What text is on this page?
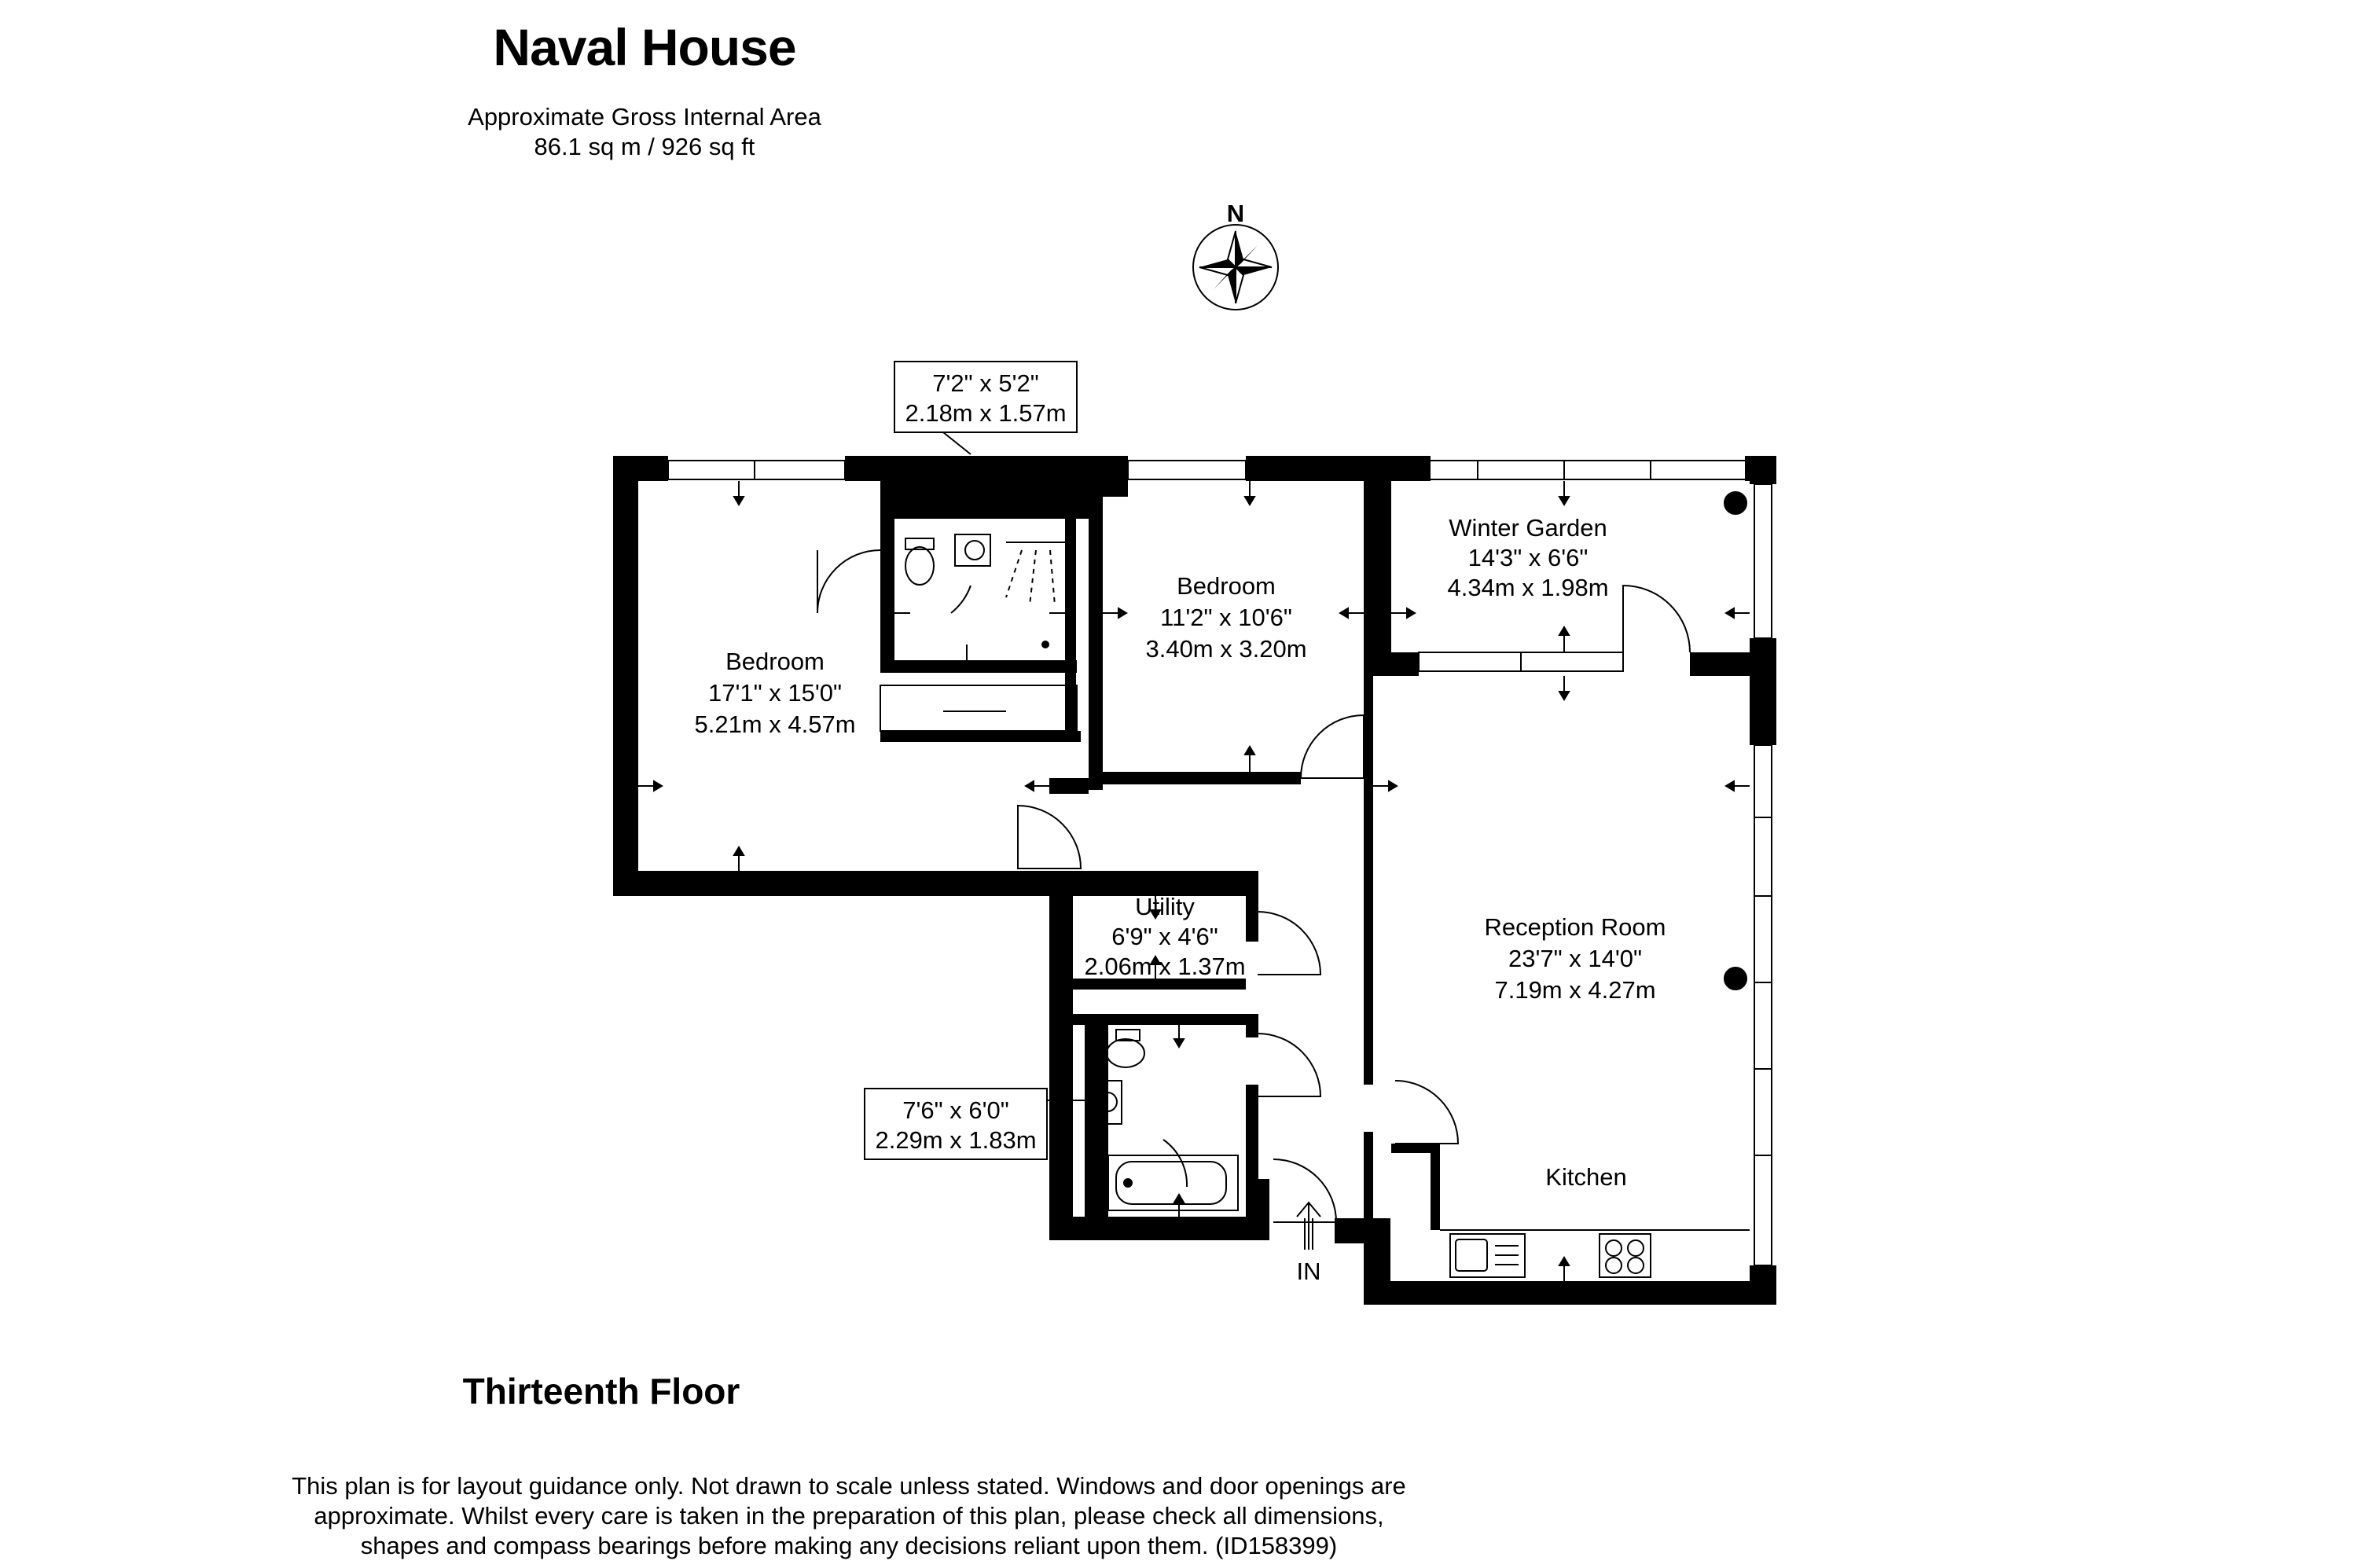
Naval House
Approximate Gross Internal Area
86.1 sq m / 926 sq ft
N
IN
7'2" x 5'2"
2.18m x 1.57m
7'6" x 6'0"
2.29m x 1.83m
Bedroom
17'1" x 15'0"
5.21m x 4.57m
Bedroom
11'2" x 10'6"
3.40m x 3.20m
Winter Garden
14'3" x 6'6"
4.34m x 1.98m
Utility
6'9" x 4'6"
2.06m x 1.37m
Reception Room
23'7" x 14'0"
7.19m x 4.27m
Kitchen
Thirteenth Floor
This plan is for layout guidance only. Not drawn to scale unless stated. Windows and door openings are
approximate. Whilst every care is taken in the preparation of this plan, please check all dimensions,
shapes and compass bearings before making any decisions reliant upon them. (ID158399)
